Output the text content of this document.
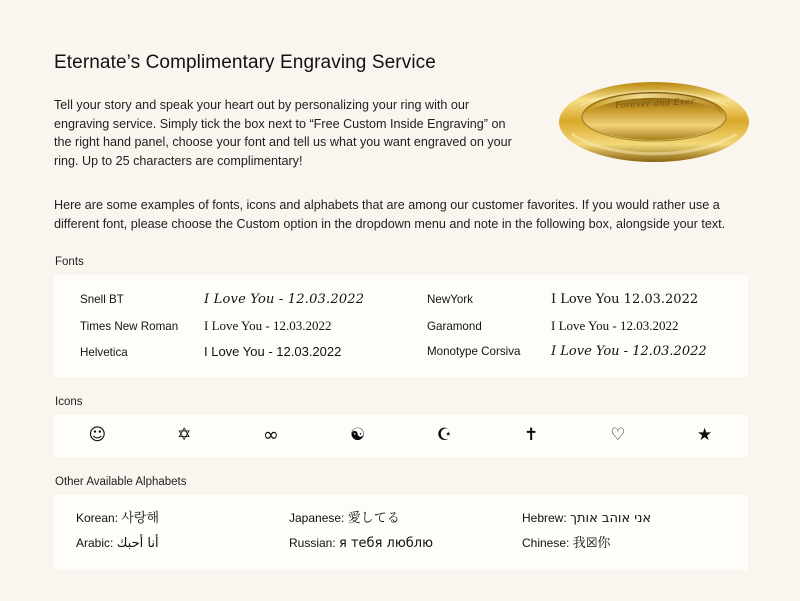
Eternate’s Complimentary Engraving Service

Tell your story and speak your heart out by personalizing your ring with our engraving service. Simply tick the box next to “Free Custom Inside Engraving” on the right hand panel, choose your font and tell us what you want engraved on your ring. Up to 25 characters are complimentary!

Here are some examples of fonts, icons and alphabets that are among our customer favorites. If you would rather use a different font, please choose the Custom option in the dropdown menu and note in the following box, alongside your text.

Fonts
Snell BT	I Love You - 12.03.2022	NewYork	I Love You 12.03.2022
Times New Roman	I Love You - 12.03.2022	Garamond	I Love You - 12.03.2022
Helvetica	I Love You - 12.03.2022	Monotype Corsiva	I Love You - 12.03.2022
Icons
☺	✡	∞	☯	☪	✝	♡	★
Other Available Alphabets
Korean: 사랑해	Japanese: 愛してる	Hebrew: אני אוהב אותך
Arabic: أنا أحبك	Russian: я тебя люблю	Chinese: 我☒你
Forever and Ever
